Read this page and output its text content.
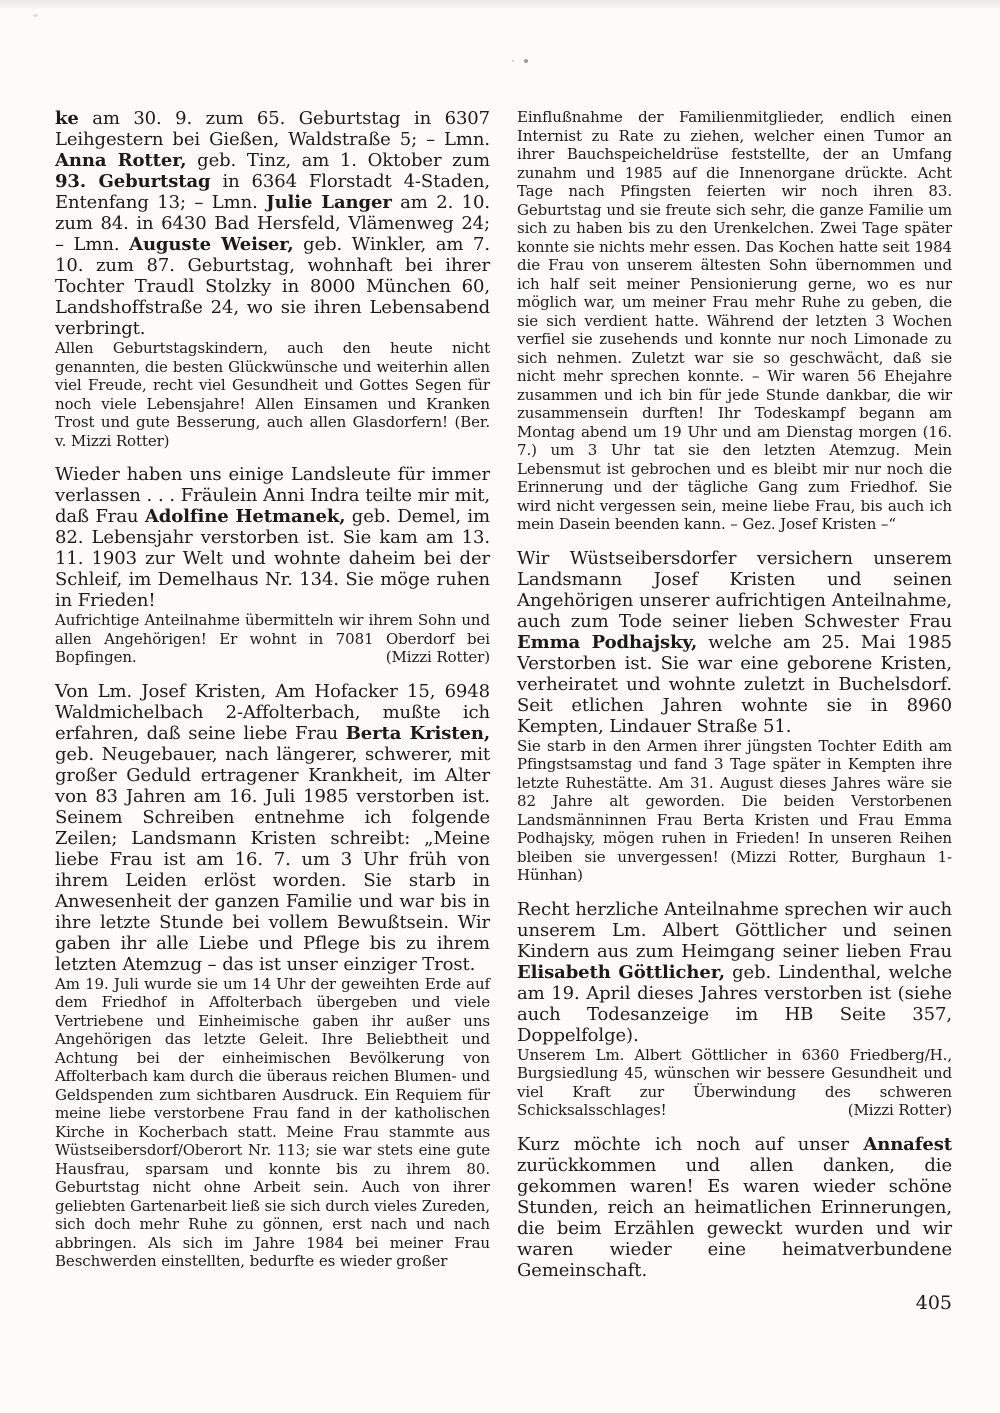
ke am 30. 9. zum 65. Geburtstag in 6307 Leihgestern bei Gießen, Waldstraße 5; – Lmn. Anna Rotter, geb. Tinz, am 1. Oktober zum 93. Geburtstag in 6364 Florstadt 4-Staden, Entenfang 13; – Lmn. Julie Langer am 2. 10. zum 84. in 6430 Bad Hersfeld, Vlämenweg 24; – Lmn. Auguste Weiser, geb. Winkler, am 7. 10. zum 87. Geburtstag, wohnhaft bei ihrer Tochter Traudl Stolzky in 8000 München 60, Landshoffstraße 24, wo sie ihren Lebensabend verbringt.

Allen Geburtstagskindern, auch den heute nicht genannten, die besten Glückwünsche und weiterhin allen viel Freude, recht viel Gesundheit und Gottes Segen für noch viele Lebensjahre! Allen Einsamen und Kranken Trost und gute Besserung, auch allen Glasdorfern! (Ber. v. Mizzi Rotter)

Wieder haben uns einige Landsleute für immer verlassen . . . Fräulein Anni Indra teilte mir mit, daß Frau Adolfine Hetmanek, geb. Demel, im 82. Lebensjahr verstorben ist. Sie kam am 13. 11. 1903 zur Welt und wohnte daheim bei der Schleif, im Demelhaus Nr. 134. Sie möge ruhen in Frieden!

Aufrichtige Anteilnahme übermitteln wir ihrem Sohn und allen Angehörigen! Er wohnt in 7081 Oberdorf bei Bopfingen.	(Mizzi Rotter)

Von Lm. Josef Kristen, Am Hofacker 15, 6948 Waldmichelbach 2-Affolterbach, mußte ich erfahren, daß seine liebe Frau Berta Kristen, geb. Neugebauer, nach längerer, schwerer, mit großer Geduld ertragener Krankheit, im Alter von 83 Jahren am 16. Juli 1985 verstorben ist. Seinem Schreiben entnehme ich folgende Zeilen; Landsmann Kristen schreibt: „Meine liebe Frau ist am 16. 7. um 3 Uhr früh von ihrem Leiden erlöst worden. Sie starb in Anwesenheit der ganzen Familie und war bis in ihre letzte Stunde bei vollem Bewußtsein. Wir gaben ihr alle Liebe und Pflege bis zu ihrem letzten Atemzug – das ist unser einziger Trost.

Am 19. Juli wurde sie um 14 Uhr der geweihten Erde auf dem Friedhof in Affolterbach übergeben und viele Vertriebene und Einheimische gaben ihr außer uns Angehörigen das letzte Geleit. Ihre Beliebtheit und Achtung bei der einheimischen Bevölkerung von Affolterbach kam durch die überaus reichen Blumen- und Geldspenden zum sichtbaren Ausdruck. Ein Requiem für meine liebe verstorbene Frau fand in der katholischen Kirche in Kocherbach statt. Meine Frau stammte aus Wüstseibersdorf/Oberort Nr. 113; sie war stets eine gute Hausfrau, sparsam und konnte bis zu ihrem 80. Geburtstag nicht ohne Arbeit sein. Auch von ihrer geliebten Gartenarbeit ließ sie sich durch vieles Zureden, sich doch mehr Ruhe zu gönnen, erst nach und nach abbringen. Als sich im Jahre 1984 bei meiner Frau Beschwerden einstellten, bedurfte es wieder großer

Einflußnahme der Familienmitglieder, endlich einen Internist zu Rate zu ziehen, welcher einen Tumor an ihrer Bauchspeicheldrüse feststellte, der an Umfang zunahm und 1985 auf die Innenorgane drückte. Acht Tage nach Pfingsten feierten wir noch ihren 83. Geburtstag und sie freute sich sehr, die ganze Familie um sich zu haben bis zu den Urenkelchen. Zwei Tage später konnte sie nichts mehr essen. Das Kochen hatte seit 1984 die Frau von unserem ältesten Sohn übernommen und ich half seit meiner Pensionierung gerne, wo es nur möglich war, um meiner Frau mehr Ruhe zu geben, die sie sich verdient hatte. Während der letzten 3 Wochen verfiel sie zusehends und konnte nur noch Limonade zu sich nehmen. Zuletzt war sie so geschwächt, daß sie nicht mehr sprechen konnte. – Wir waren 56 Ehejahre zusammen und ich bin für jede Stunde dankbar, die wir zusammensein durften! Ihr Todeskampf begann am Montag abend um 19 Uhr und am Dienstag morgen (16. 7.) um 3 Uhr tat sie den letzten Atemzug. Mein Lebensmut ist gebrochen und es bleibt mir nur noch die Erinnerung und der tägliche Gang zum Friedhof. Sie wird nicht vergessen sein, meine liebe Frau, bis auch ich mein Dasein beenden kann. – Gez. Josef Kristen –“

Wir Wüstseibersdorfer versichern unserem Landsmann Josef Kristen und seinen Angehörigen unserer aufrichtigen Anteilnahme, auch zum Tode seiner lieben Schwester Frau Emma Podhajsky, welche am 25. Mai 1985 Verstorben ist. Sie war eine geborene Kristen, verheiratet und wohnte zuletzt in Buchelsdorf. Seit etlichen Jahren wohnte sie in 8960 Kempten, Lindauer Straße 51.

Sie starb in den Armen ihrer jüngsten Tochter Edith am Pfingstsamstag und fand 3 Tage später in Kempten ihre letzte Ruhestätte. Am 31. August dieses Jahres wäre sie 82 Jahre alt geworden. Die beiden Verstorbenen Landsmänninnen Frau Berta Kristen und Frau Emma Podhajsky, mögen ruhen in Frieden! In unseren Reihen bleiben sie unvergessen! (Mizzi Rotter, Burghaun 1-Hünhan)

Recht herzliche Anteilnahme sprechen wir auch unserem Lm. Albert Göttlicher und seinen Kindern aus zum Heimgang seiner lieben Frau Elisabeth Göttlicher, geb. Lindenthal, welche am 19. April dieses Jahres verstorben ist (siehe auch Todesanzeige im HB Seite 357, Doppelfolge).

Unserem Lm. Albert Göttlicher in 6360 Friedberg/H., Burgsiedlung 45, wünschen wir bessere Gesundheit und viel Kraft zur Überwindung des schweren Schicksalsschlages!	(Mizzi Rotter)

Kurz möchte ich noch auf unser Annafest zurückkommen und allen danken, die gekommen waren! Es waren wieder schöne Stunden, reich an heimatlichen Erinnerungen, die beim Erzählen geweckt wurden und wir waren wieder eine heimatverbundene Gemeinschaft.

405
